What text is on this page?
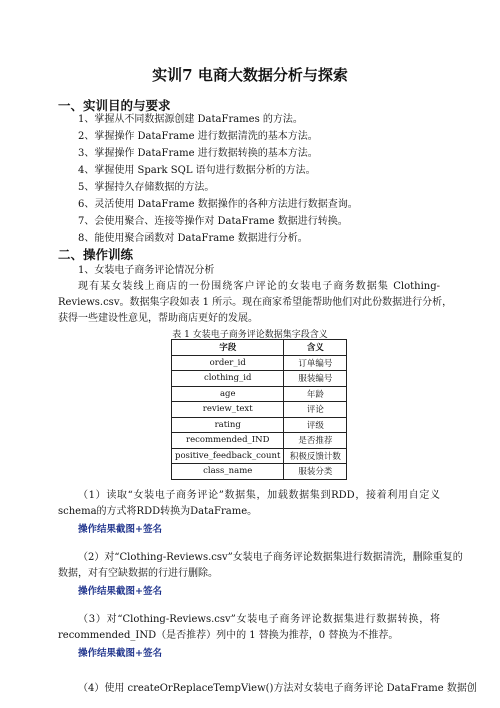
实训7 电商大数据分析与探索
一、实训目的与要求
1、掌握从不同数据源创建 DataFrames 的方法。
2、掌握操作 DataFrame 进行数据清洗的基本方法。
3、掌握操作 DataFrame 进行数据转换的基本方法。
4、掌握使用 Spark SQL 语句进行数据分析的方法。
5、掌握持久存储数据的方法。
6、灵活使用 DataFrame 数据操作的各种方法进行数据查询。
7、会使用聚合、连接等操作对 DataFrame 数据进行转换。
8、能使用聚合函数对 DataFrame 数据进行分析。
二、操作训练
1、女装电子商务评论情况分析
现有某女装线上商店的一份围绕客户评论的女装电子商务数据集 Clothing-
Reviews.csv。数据集字段如表 1 所示。现在商家希望能帮助他们对此份数据进行分析，
获得一些建设性意见，帮助商店更好的发展。
表 1 女装电子商务评论数据集字段含义
字段	含义
order_id	订单编号
clothing_id	服装编号
age	年龄
review_text	评论
rating	评级
recommended_IND	是否推荐
positive_feedback_count	积极反馈计数
class_name	服装分类
（1）读取“女装电子商务评论”数据集，加载数据集到RDD，接着利用自定义
schema的方式将RDD转换为DataFrame。
操作结果截图+签名
（2）对“Clothing-Reviews.csv”女装电子商务评论数据集进行数据清洗，删除重复的
数据，对有空缺数据的行进行删除。
操作结果截图+签名
（3）对“Clothing-Reviews.csv”女装电子商务评论数据集进行数据转换，将
recommended_IND（是否推荐）列中的 1 替换为推荐，0 替换为不推荐。
操作结果截图+签名
（4）使用 createOrReplaceTempView()方法对女装电子商务评论 DataFrame 数据创
